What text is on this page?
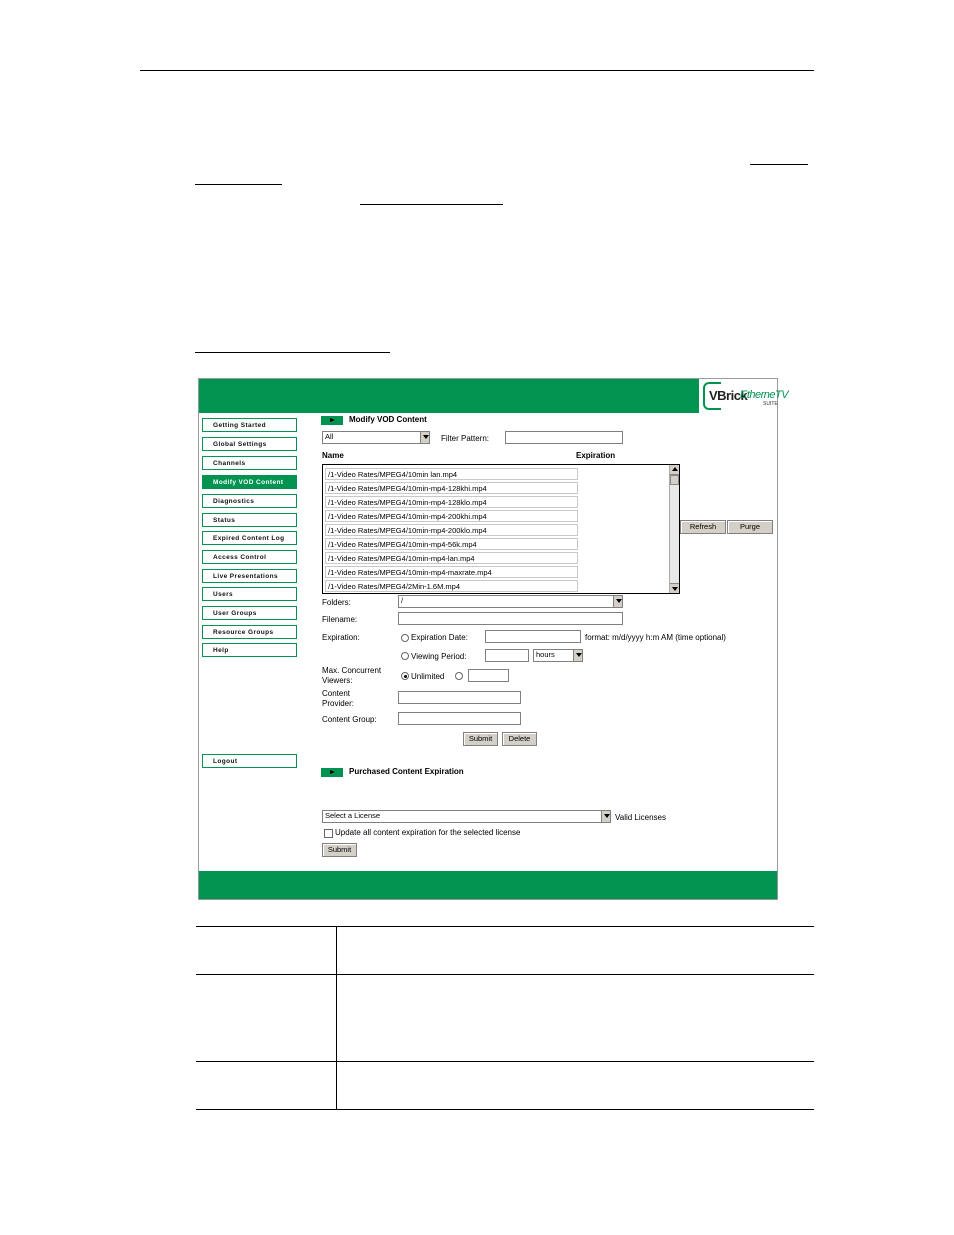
VBrick
EtherneTV
SUITE
Getting Started
Global Settings
Channels
Modify VOD Content
Diagnostics
Status
Expired Content Log
Access Control
Live Presentations
Users
User Groups
Resource Groups
Help
Logout
Modify VOD Content
All	Filter Pattern:
Name	Expiration
/1-Video Rates/MPEG4/10min lan.mp4
/1-Video Rates/MPEG4/10min-mp4-128khi.mp4
/1-Video Rates/MPEG4/10min-mp4-128klo.mp4
/1-Video Rates/MPEG4/10min-mp4-200khi.mp4
/1-Video Rates/MPEG4/10min-mp4-200klo.mp4
/1-Video Rates/MPEG4/10min-mp4-56k.mp4
/1-Video Rates/MPEG4/10min-mp4-lan.mp4
/1-Video Rates/MPEG4/10min-mp4-maxrate.mp4
/1-Video Rates/MPEG4/2Min-1.6M.mp4
Refresh	Purge
Folders:	/
Filename:
Expiration:	Expiration Date:	format: m/d/yyyy h:m AM (time optional)
Viewing Period:	hours
Max. Concurrent
Viewers:	Unlimited
Content
Provider:
Content Group:
Submit	Delete
Purchased Content Expiration
Select a License	Valid Licenses
Update all content expiration for the selected license
Submit
